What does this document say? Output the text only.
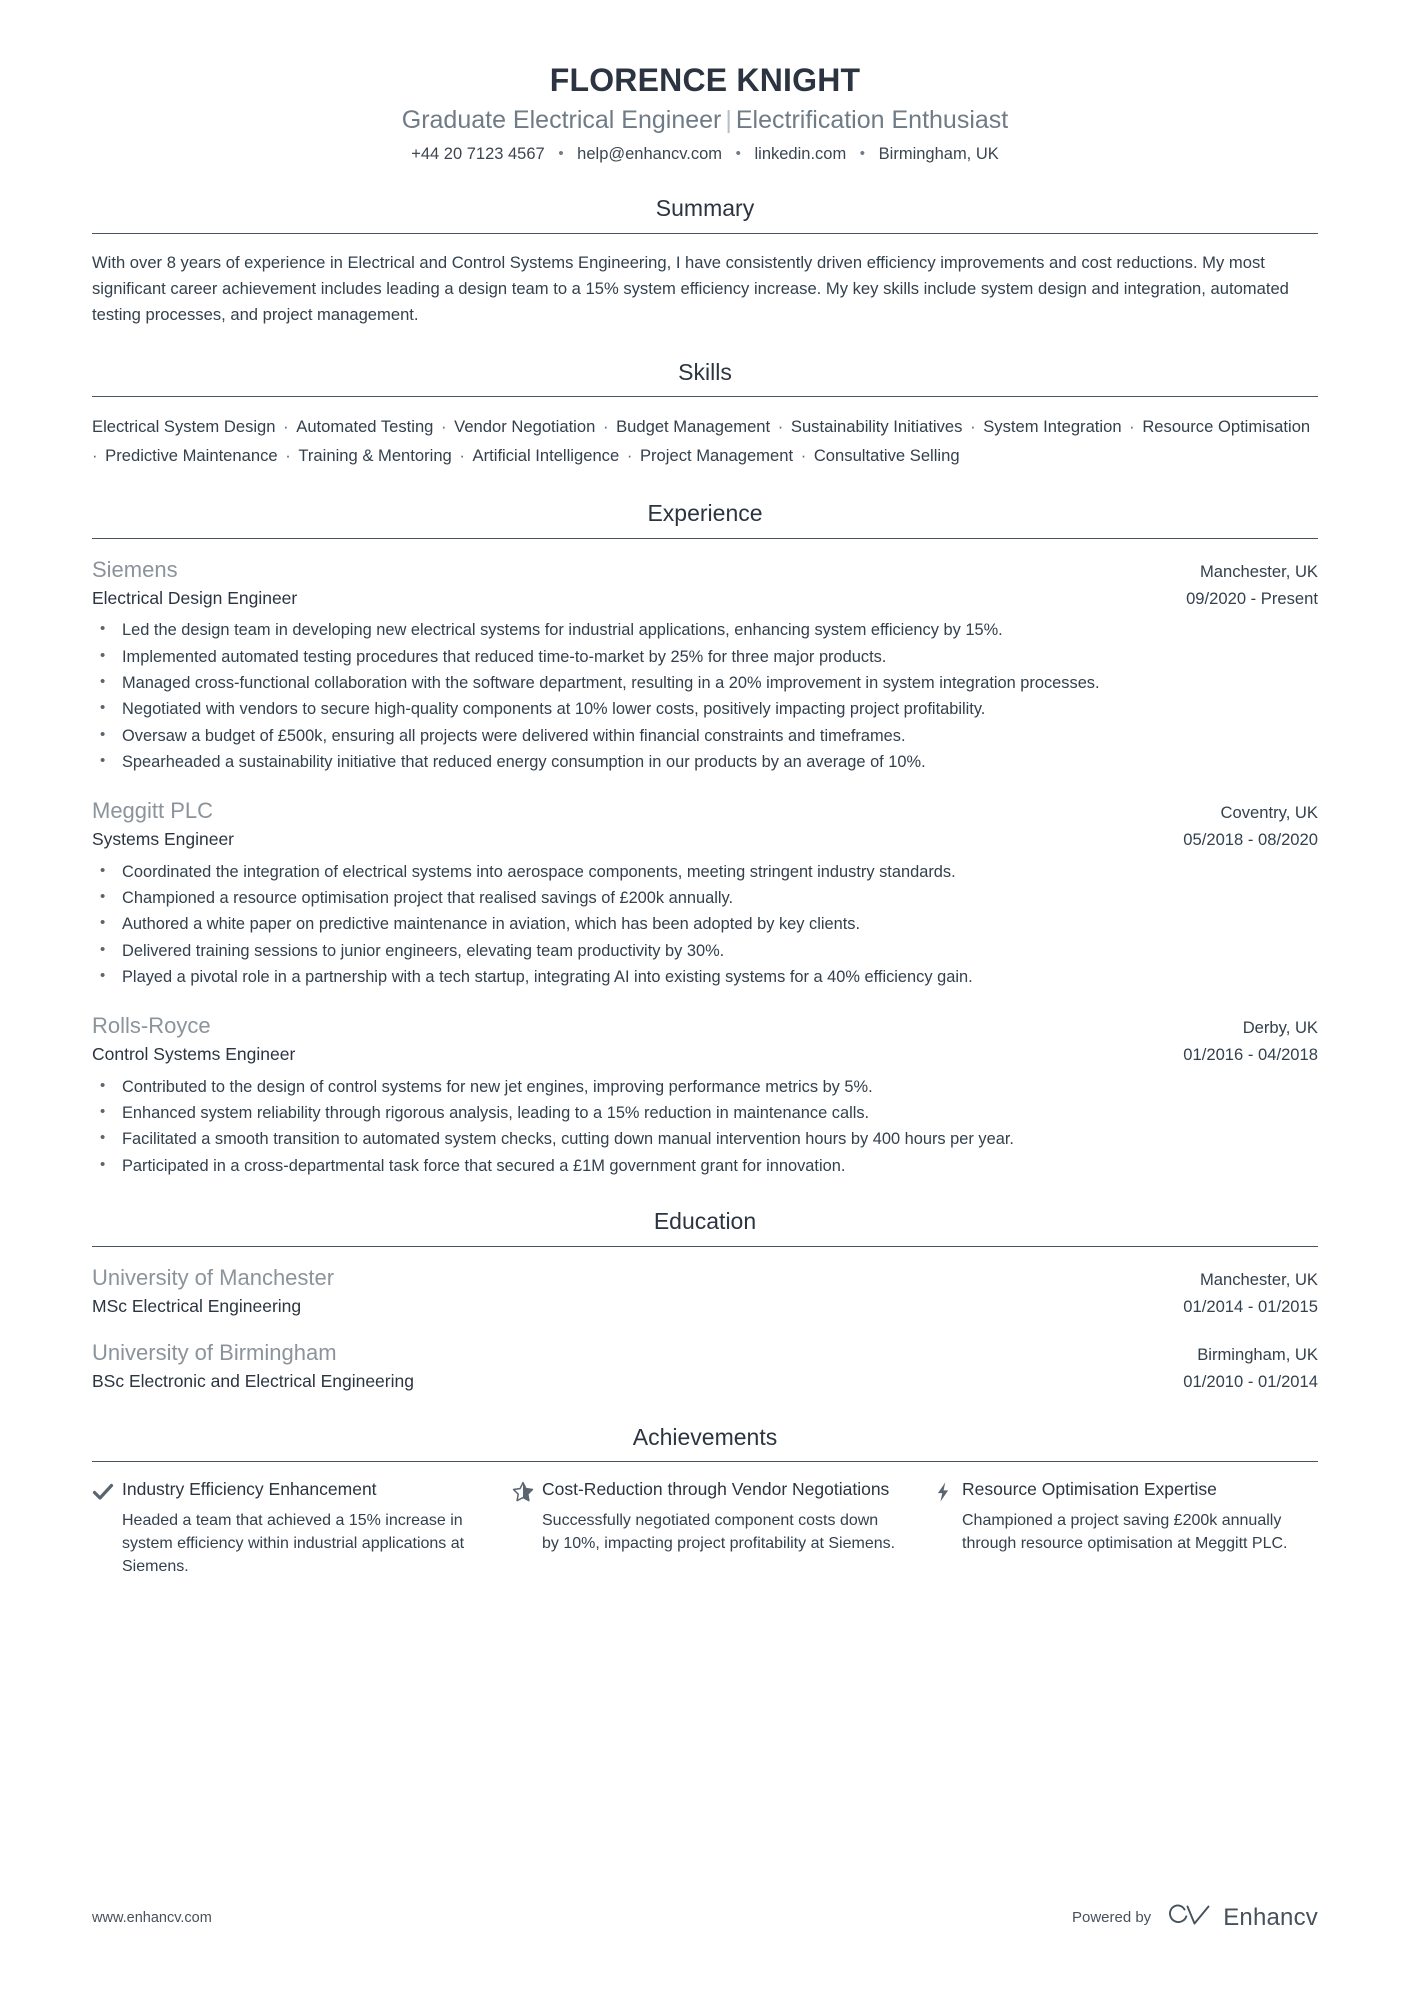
FLORENCE KNIGHT
Graduate Electrical Engineer | Electrification Enthusiast
+44 20 7123 4567 • help@enhancv.com • linkedin.com • Birmingham, UK
Summary

With over 8 years of experience in Electrical and Control Systems Engineering, I have consistently driven efficiency improvements and cost reductions. My most significant career achievement includes leading a design team to a 15% system efficiency increase. My key skills include system design and integration, automated testing processes, and project management.

Skills

Electrical System Design · Automated Testing · Vendor Negotiation · Budget Management · Sustainability Initiatives · System Integration · Resource Optimisation · Predictive Maintenance · Training & Mentoring · Artificial Intelligence · Project Management · Consultative Selling

Experience
Siemens	Manchester, UK
Electrical Design Engineer	09/2020 - Present
• Led the design team in developing new electrical systems for industrial applications, enhancing system efficiency by 15%.
• Implemented automated testing procedures that reduced time-to-market by 25% for three major products.
• Managed cross-functional collaboration with the software department, resulting in a 20% improvement in system integration processes.
• Negotiated with vendors to secure high-quality components at 10% lower costs, positively impacting project profitability.
• Oversaw a budget of £500k, ensuring all projects were delivered within financial constraints and timeframes.
• Spearheaded a sustainability initiative that reduced energy consumption in our products by an average of 10%.
Meggitt PLC	Coventry, UK
Systems Engineer	05/2018 - 08/2020
• Coordinated the integration of electrical systems into aerospace components, meeting stringent industry standards.
• Championed a resource optimisation project that realised savings of £200k annually.
• Authored a white paper on predictive maintenance in aviation, which has been adopted by key clients.
• Delivered training sessions to junior engineers, elevating team productivity by 30%.
• Played a pivotal role in a partnership with a tech startup, integrating AI into existing systems for a 40% efficiency gain.
Rolls-Royce	Derby, UK
Control Systems Engineer	01/2016 - 04/2018
• Contributed to the design of control systems for new jet engines, improving performance metrics by 5%.
• Enhanced system reliability through rigorous analysis, leading to a 15% reduction in maintenance calls.
• Facilitated a smooth transition to automated system checks, cutting down manual intervention hours by 400 hours per year.
• Participated in a cross-departmental task force that secured a £1M government grant for innovation.
Education
University of Manchester	Manchester, UK
MSc Electrical Engineering	01/2014 - 01/2015
University of Birmingham	Birmingham, UK
BSc Electronic and Electrical Engineering	01/2010 - 01/2014
Achievements

Industry Efficiency Enhancement

Headed a team that achieved a 15% increase in system efficiency within industrial applications at Siemens.

Cost-Reduction through Vendor Negotiations

Successfully negotiated component costs down by 10%, impacting project profitability at Siemens.

Resource Optimisation Expertise

Championed a project saving £200k annually through resource optimisation at Meggitt PLC.

www.enhancv.com	Powered by	Enhancv
